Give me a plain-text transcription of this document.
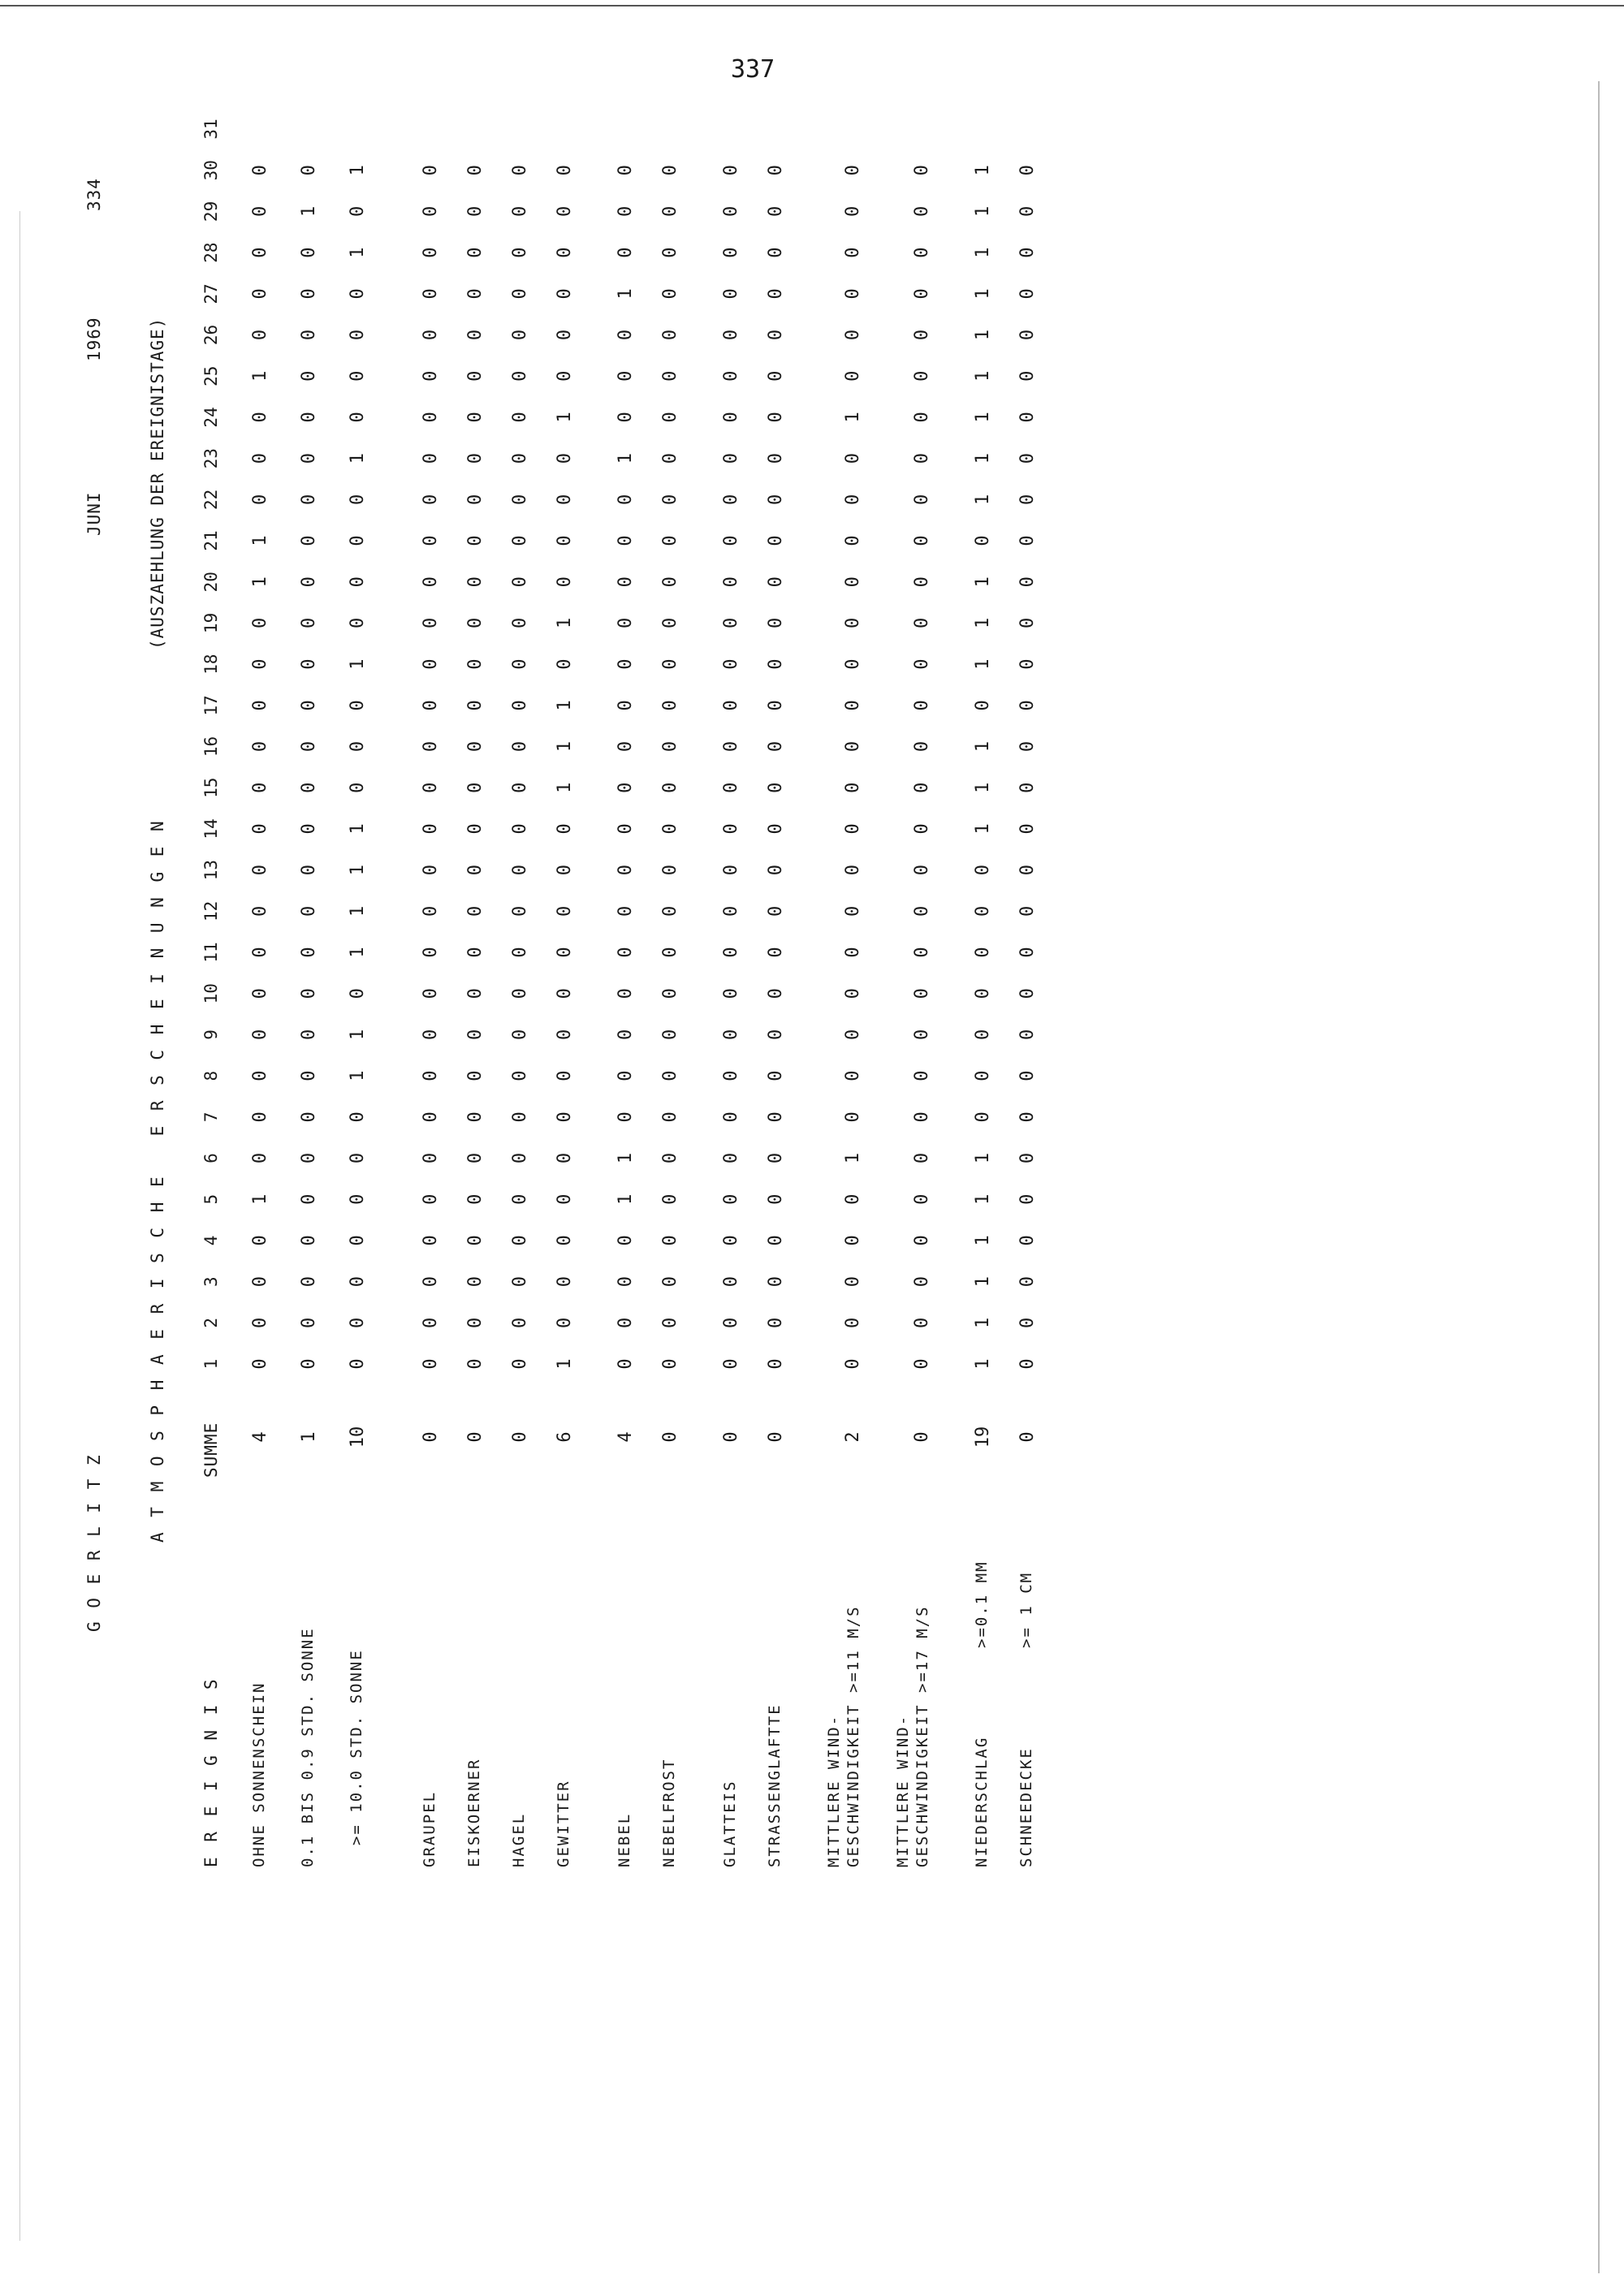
337
G O E R L I T Z
JUNI
1969
334
A T M O S P H A E R I S C H E   E R S C H E I N U N G E N
(AUSZAEHLUNG DER EREIGNISTAGE)
E R E I G N I S
SUMME
1
2
3
4
5
6
7
8
9
10
11
12
13
14
15
16
17
18
19
20
21
22
23
24
25
26
27
28
29
30
31
OHNE SONNENSCHEIN
4
0
0
0
0
1
0
0
0
0
0
0
0
0
0
0
0
0
0
0
1
1
0
0
0
1
0
0
0
0
0
0.1 BIS 0.9 STD. SONNE
1
0
0
0
0
0
0
0
0
0
0
0
0
0
0
0
0
0
0
0
0
0
0
0
0
0
0
0
0
1
0
>= 10.0 STD. SONNE
10
0
0
0
0
0
0
0
1
1
0
1
1
1
1
0
0
0
1
0
0
0
0
1
0
0
0
0
1
0
1
GRAUPEL
0
0
0
0
0
0
0
0
0
0
0
0
0
0
0
0
0
0
0
0
0
0
0
0
0
0
0
0
0
0
0
EISKOERNER
0
0
0
0
0
0
0
0
0
0
0
0
0
0
0
0
0
0
0
0
0
0
0
0
0
0
0
0
0
0
0
HAGEL
0
0
0
0
0
0
0
0
0
0
0
0
0
0
0
0
0
0
0
0
0
0
0
0
0
0
0
0
0
0
0
GEWITTER
6
1
0
0
0
0
0
0
0
0
0
0
0
0
0
1
1
1
0
1
0
0
0
0
1
0
0
0
0
0
0
NEBEL
4
0
0
0
0
1
1
0
0
0
0
0
0
0
0
0
0
0
0
0
0
0
0
1
0
0
0
1
0
0
0
NEBELFROST
0
0
0
0
0
0
0
0
0
0
0
0
0
0
0
0
0
0
0
0
0
0
0
0
0
0
0
0
0
0
0
GLATTEIS
0
0
0
0
0
0
0
0
0
0
0
0
0
0
0
0
0
0
0
0
0
0
0
0
0
0
0
0
0
0
0
STRASSENGLAFTTE
0
0
0
0
0
0
0
0
0
0
0
0
0
0
0
0
0
0
0
0
0
0
0
0
0
0
0
0
0
0
0
MITTLERE WIND- GESCHWINDIGKEIT >=11 M/S
2
0
0
0
0
0
1
0
0
0
0
0
0
0
0
0
0
0
0
0
0
0
0
0
1
0
0
0
0
0
0
MITTLERE WIND- GESCHWINDIGKEIT >=17 M/S
0
0
0
0
0
0
0
0
0
0
0
0
0
0
0
0
0
0
0
0
0
0
0
0
0
0
0
0
0
0
0
NIEDERSCHLAG
>=0.1 MM
19
1
1
1
1
1
1
0
0
0
0
0
0
0
1
1
1
0
1
1
1
0
1
1
1
1
1
1
1
1
1
SCHNEEDECKE
>= 1 CM
0
0
0
0
0
0
0
0
0
0
0
0
0
0
0
0
0
0
0
0
0
0
0
0
0
0
0
0
0
0
0
